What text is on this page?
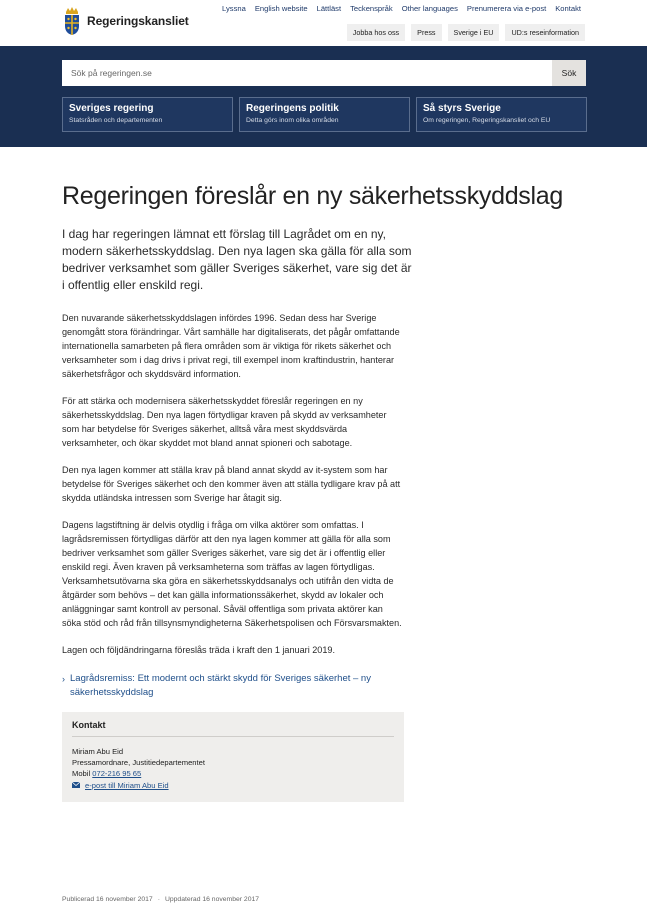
Regeringskansliet
Lyssna English website Lättläst Teckenspråk Other languages Prenumerera via e-post Kontakt
Jobba hos oss	Press	Sverige i EU	UD:s reseinformation
Sök på regeringen.se
Sök
Sveriges regering
Statsråden och departementen
Regeringens politik
Detta görs inom olika områden
Så styrs Sverige
Om regeringen, Regeringskansliet och EU
Regeringen föreslår en ny säkerhetsskyddslag

I dag har regeringen lämnat ett förslag till Lagrådet om en ny, modern säkerhetsskyddslag. Den nya lagen ska gälla för alla som bedriver verksamhet som gäller Sveriges säkerhet, vare sig det är i offentlig eller enskild regi.

Den nuvarande säkerhetsskyddslagen infördes 1996. Sedan dess har Sverige genomgått stora förändringar. Vårt samhälle har digitaliserats, det pågår omfattande internationella samarbeten på flera områden som är viktiga för rikets säkerhet och verksamheter som i dag drivs i privat regi, till exempel inom kraftindustrin, hanterar säkerhetsfrågor och skyddsvärd information.

För att stärka och modernisera säkerhetsskyddet föreslår regeringen en ny säkerhetsskyddslag. Den nya lagen förtydligar kraven på skydd av verksamheter som har betydelse för Sveriges säkerhet, alltså våra mest skyddsvärda verksamheter, och ökar skyddet mot bland annat spioneri och sabotage.

Den nya lagen kommer att ställa krav på bland annat skydd av it-system som har betydelse för Sveriges säkerhet och den kommer även att ställa tydligare krav på att skydda utländska intressen som Sverige har åtagit sig.

Dagens lagstiftning är delvis otydlig i fråga om vilka aktörer som omfattas. I lagrådsremissen förtydligas därför att den nya lagen kommer att gälla för alla som bedriver verksamhet som gäller Sveriges säkerhet, vare sig det är i offentlig eller enskild regi. Även kraven på verksamheterna som träffas av lagen förtydligas. Verksamhetsutövarna ska göra en säkerhetsskyddsanalys och utifrån den vidta de åtgärder som behövs – det kan gälla informationssäkerhet, skydd av lokaler och anläggningar samt kontroll av personal. Såväl offentliga som privata aktörer kan söka stöd och råd från tillsynsmyndigheterna Säkerhetspolisen och Försvarsmakten.

Lagen och följdändringarna föreslås träda i kraft den 1 januari 2019.

› Lagrådsremiss: Ett modernt och stärkt skydd för Sveriges säkerhet – ny säkerhetsskyddslag
Kontakt
Miriam Abu Eid
Pressamordnare, Justitiedepartementet
Mobil 072-216 95 65
e-post till Miriam Abu Eid
Publicerad 16 november 2017 · Uppdaterad 16 november 2017
